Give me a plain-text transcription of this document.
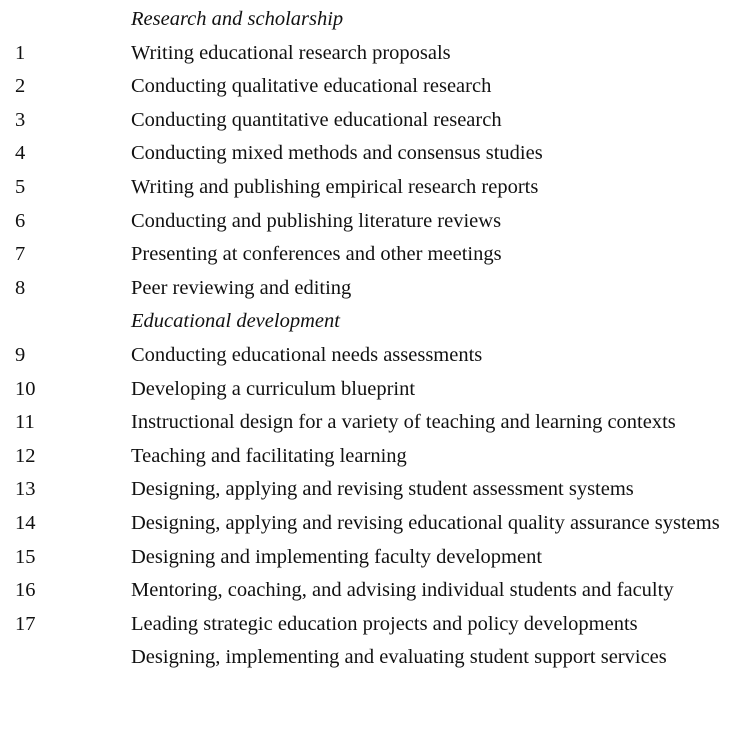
Research and scholarship
1	Writing educational research proposals
2	Conducting qualitative educational research
3	Conducting quantitative educational research
4	Conducting mixed methods and consensus studies
5	Writing and publishing empirical research reports
6	Conducting and publishing literature reviews
7	Presenting at conferences and other meetings
8	Peer reviewing and editing
Educational development
9	Conducting educational needs assessments
10	Developing a curriculum blueprint
11	Instructional design for a variety of teaching and learning contexts
12	Teaching and facilitating learning
13	Designing, applying and revising student assessment systems
14	Designing, applying and revising educational quality assurance systems
15	Designing and implementing faculty development
16	Mentoring, coaching, and advising individual students and faculty
17	Leading strategic education projects and policy developments
Designing, implementing and evaluating student support services
